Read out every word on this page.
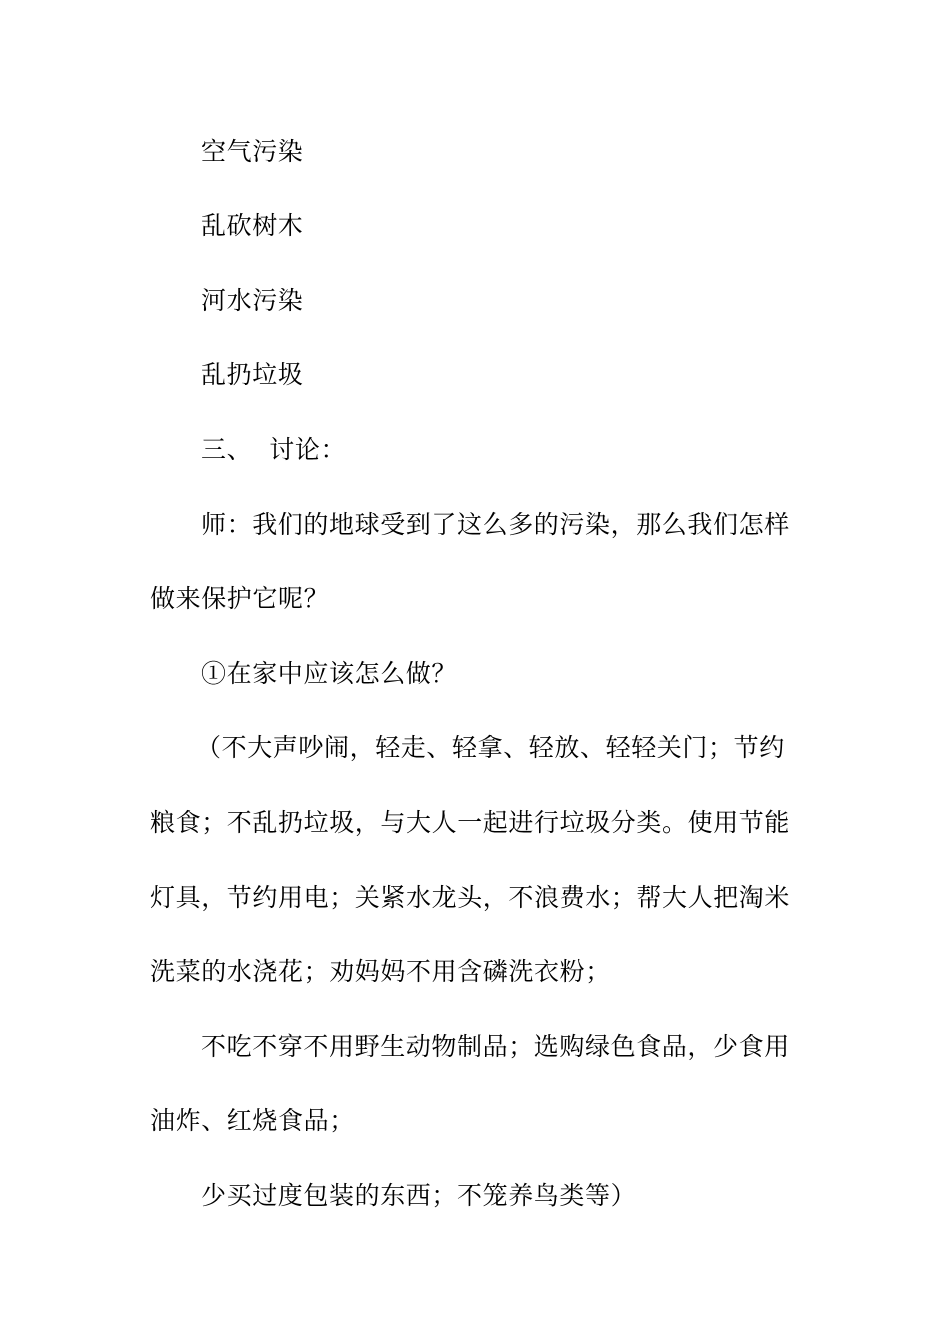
空气污染
乱砍树木
河水污染
乱扔垃圾
三、  讨论：
师：我们的地球受到了这么多的污染，那么我们怎样
做来保护它呢？
①在家中应该怎么做？
（不大声吵闹，轻走、轻拿、轻放、轻轻关门；节约
粮食；不乱扔垃圾，与大人一起进行垃圾分类。使用节能
灯具，节约用电；关紧水龙头，不浪费水；帮大人把淘米
洗菜的水浇花；劝妈妈不用含磷洗衣粉；
不吃不穿不用野生动物制品；选购绿色食品，少食用
油炸、红烧食品；
少买过度包装的东西；不笼养鸟类等）
